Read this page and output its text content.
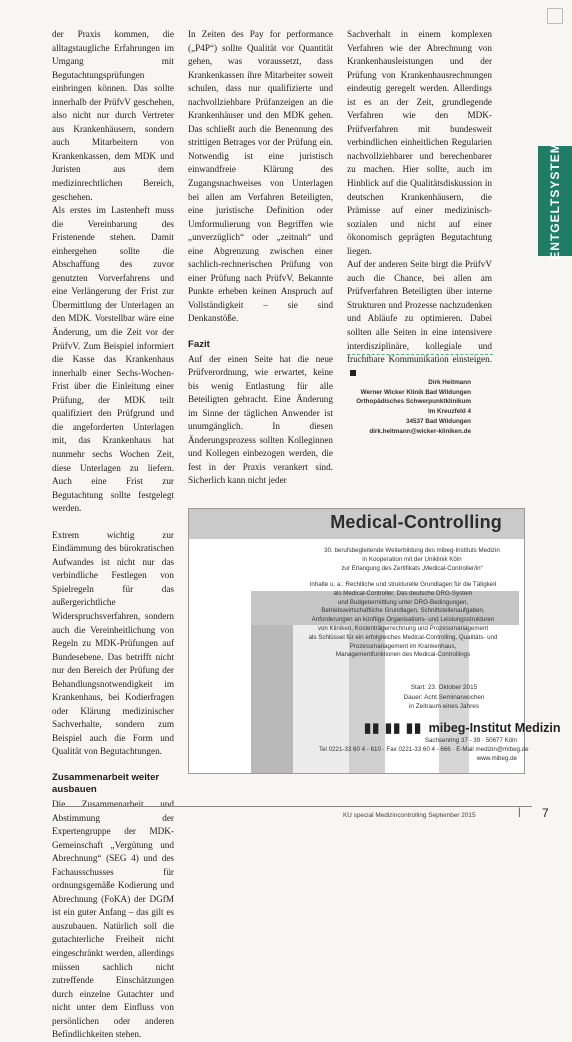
der Praxis kommen, die alltagstaugliche Erfahrungen im Umgang mit Begutachtungsprüfungen einbringen können. Das sollte innerhalb der PrüfvV geschehen, also nicht nur durch Vertreter aus Krankenhäusern, sondern auch Mitarbeitern von Krankenkassen, dem MDK und Juristen aus dem medizinrechtlichen Bereich, geschehen.

Als erstes im Lastenheft muss die Vereinbarung des Fristenende stehen. Damit einhergehen sollte die Abschaffung des zuvor genutzten Vorverfahrens und eine Verlängerung der Frist zur Übermittlung der Unterlagen an den MDK. Vorstellbar wäre eine Änderung, um die Zeit vor der PrüfvV. Zum Beispiel informiert die Kasse das Krankenhaus innerhalb einer Sechs-Wochen-Frist über die Einleitung einer Prüfung, der MDK teilt qualifiziert den Prüfgrund und die angeforderten Unterlagen mit, das Krankenhaus hat nunmehr sechs Wochen Zeit, diese Unterlagen zu liefern. Auch eine Frist zur Begutachtung sollte festgelegt werden.

Extrem wichtig zur Eindämmung des bürokratischen Aufwandes ist nicht nur das verbindliche Festlegen von Spielregeln für das außergerichtliche Widerspruchsverfahren, sondern auch die Vereinheitlichung von Regeln zu MDK-Prüfungen auf Bundesebene. Das betrifft nicht nur den Bereich der Prüfung der Behandlungsnotwendigkeit im Krankenhaus, bei Kodierfragen oder Klärung medizinischer Sachverhalte, sondern zum Beispiel auch die Form und Qualität von Begutachtungen.

Zusammenarbeit weiter ausbauen

Die Zusammenarbeit und Abstimmung der Expertengruppe der MDK-Gemeinschaft „Vergütung und Abrechnung“ (SEG 4) und des Fachausschusses für ordnungsgemäße Kodierung und Abrechnung (FoKA) der DGfM ist ein guter Anfang – das gilt es auszubauen. Natürlich soll die gutachterliche Freiheit nicht eingeschränkt werden, allerdings müssen sachlich nicht zutreffende Einschätzungen durch einzelne Gutachter und nicht unter dem Einfluss von persönlichen oder anderen Befindlichkeiten stehen.

In Zeiten des Pay for performance („P4P“) sollte Qualität vor Quantität gehen, was voraussetzt, dass Krankenkassen ihre Mitarbeiter soweit schulen, dass nur qualifizierte und nachvollziehbare Prüfanzeigen an die Krankenhäuser und den MDK gehen. Das schließt auch die Benennung des strittigen Betrages vor der Prüfung ein. Notwendig ist eine juristisch einwandfreie Klärung des Zugangsnachweises von Unterlagen bei allen am Verfahren Beteiligten, eine juristische Definition oder Umformulierung von Begriffen wie „unverzüglich“ oder „zeitnah“ und eine Abgrenzung zwischen einer sachlich-rechnerischen Prüfung von einer Prüfung nach PrüfvV. Bekannte Punkte erheben keinen Anspruch auf Vollständigkeit – sie sind Denkanstöße.

Fazit

Auf der einen Seite hat die neue Prüfverordnung, wie erwartet, keine bis wenig Entlastung für alle Beteiligten gebracht. Eine Änderung im Sinne der täglichen Anwender ist unumgänglich. In diesen Änderungsprozess sollten Kolleginnen und Kollegen einbezogen werden, die fest in der Praxis verankert sind. Sicherlich kann nicht jeder

Sachverhalt in einem komplexen Verfahren wie der Abrechnung von Krankenhausleistungen und der Prüfung von Krankenhausrechnungen eindeutig geregelt werden. Allerdings ist es an der Zeit, grundlegende Verfahren wie den MDK-Prüfverfahren mit bundesweit verbindlichen einheitlichen Regularien nachvollziehbarer und berechenbarer zu machen. Hier sollte, auch im Hinblick auf die Qualitätsdiskussion in deutschen Krankenhäusern, die Prämisse auf einer medizinisch-sozialen und nicht auf einer ökonomisch geprägten Begutachtung liegen.

Auf der anderen Seite birgt die PrüfvV auch die Chance, bei allen am Prüfverfahren Beteiligten über interne Strukturen und Prozesse nachzudenken und Abläufe zu optimieren. Dabei sollten alle Seiten in eine intensivere interdisziplinäre, kollegiale und fruchtbare Kommunikation einsteigen.

ENTGELTSYSTEM
Dirk Heitmann
Werner Wicker Klinik Bad Wildungen
Orthopädisches Schwerpunktklinikum
Im Kreuzfeld 4
34537 Bad Wildungen
dirk.heitmann@wicker-kliniken.de
Medical-Controlling
30. berufsbegleitende Weiterbildung des mibeg-Instituts Medizin
in Kooperation mit der Uniklinik Köln
zur Erlangung des Zertifikats „Medical-Controller/in“
Inhalte u. a.: Rechtliche und strukturelle Grundlagen für die Tätigkeit
als Medical-Controller, Das deutsche DRG-System
und Budgetermittlung unter DRG-Bedingungen,
Betriebswirtschaftliche Grundlagen, Schnittstellenaufgaben,
Anforderungen an künftige Organisations- und Leistungsstrukturen
von Kliniken, Kostenträgerrechnung und Prozessmanagement
als Schlüssel für ein erfolgreiches Medical-Controlling, Qualitäts- und
Prozessmanagement im Krankenhaus,
Managementfunktionen des Medical-Controllings
Start: 23. Oktober 2015
Dauer: Acht Seminarwochen
in Zeitraum eines Jahres
▮▮ ▮▮ ▮▮ mibeg-Institut Medizin
Sachsenring 37 - 39 · 50677 Köln
Tel 0221-33 60 4 - 610 · Fax 0221-33 60 4 - 666 · E-Mail medizin@mibeg.de
www.mibeg.de
KU special Medizincontrolling September 2015	| 7
